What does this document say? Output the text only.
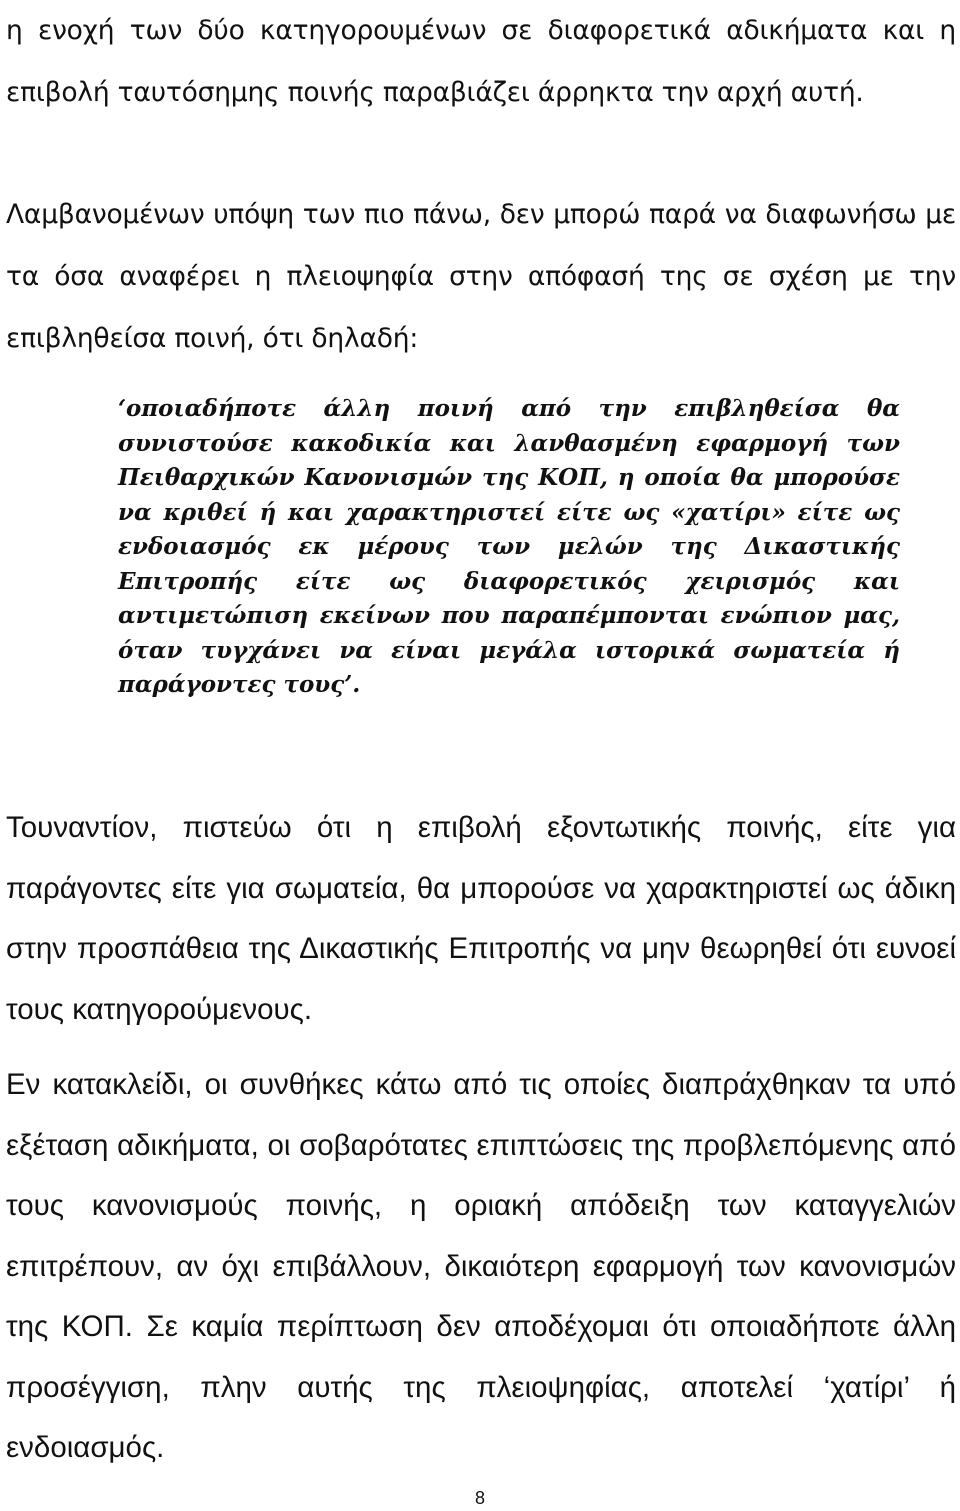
η ενοχή των δύο κατηγορουμένων σε διαφορετικά αδικήματα και η επιβολή ταυτόσημης ποινής παραβιάζει άρρηκτα την αρχή αυτή.

Λαμβανομένων υπόψη των πιο πάνω, δεν μπορώ παρά να διαφωνήσω με τα όσα αναφέρει η πλειοψηφία στην απόφασή της σε σχέση με την επιβληθείσα ποινή, ότι δηλαδή:

‘οποιαδήποτε άλλη ποινή από την επιβληθείσα θα συνιστούσε κακοδικία και λανθασμένη εφαρμογή των Πειθαρχικών Κανονισμών της ΚΟΠ, η οποία θα μπορούσε να κριθεί ή και χαρακτηριστεί είτε ως «χατίρι» είτε ως ενδοιασμός εκ μέρους των μελών της Δικαστικής Επιτροπής είτε ως διαφορετικός χειρισμός και αντιμετώπιση εκείνων που παραπέμπονται ενώπιον μας, όταν τυγχάνει να είναι μεγάλα ιστορικά σωματεία ή παράγοντες τους’.

Τουναντίον, πιστεύω ότι η επιβολή εξοντωτικής ποινής, είτε για παράγοντες είτε για σωματεία, θα μπορούσε να χαρακτηριστεί ως άδικη στην προσπάθεια της Δικαστικής Επιτροπής να μην θεωρηθεί ότι ευνοεί τους κατηγορούμενους.

Εν κατακλείδι, οι συνθήκες κάτω από τις οποίες διαπράχθηκαν τα υπό εξέταση αδικήματα, οι σοβαρότατες επιπτώσεις της προβλεπόμενης από τους κανονισμούς ποινής, η οριακή απόδειξη των καταγγελιών επιτρέπουν, αν όχι επιβάλλουν, δικαιότερη εφαρμογή των κανονισμών της ΚΟΠ. Σε καμία περίπτωση δεν αποδέχομαι ότι οποιαδήποτε άλλη προσέγγιση, πλην αυτής της πλειοψηφίας, αποτελεί ‘χατίρι’ ή ενδοιασμός.

8
